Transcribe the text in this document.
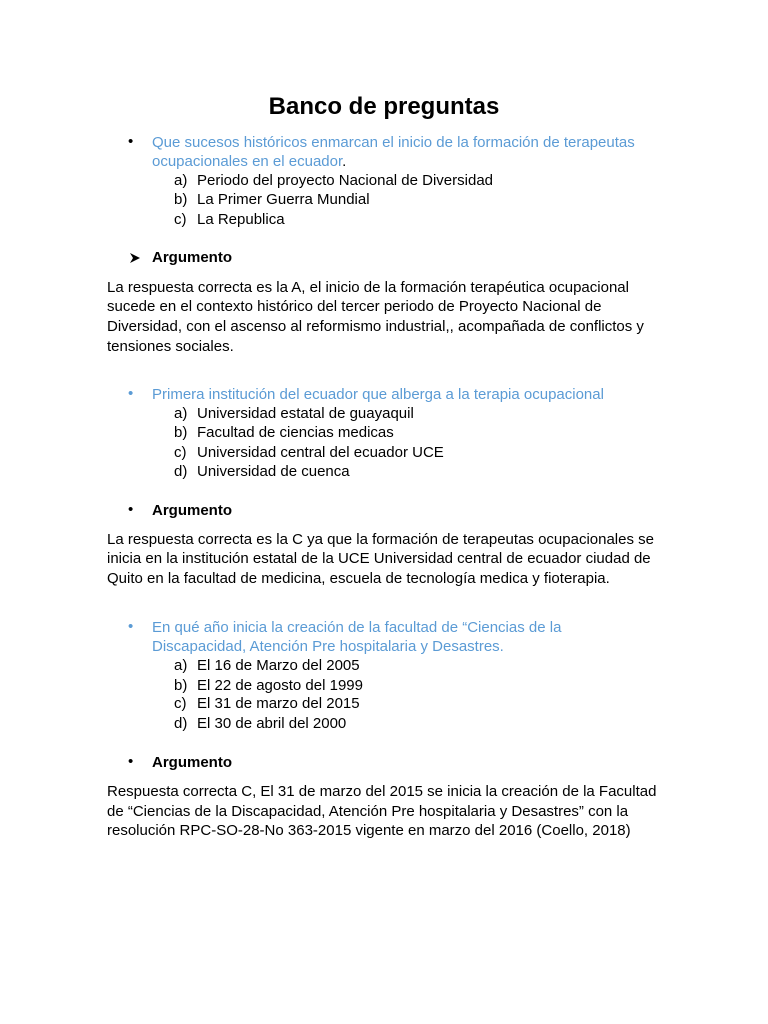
Banco de preguntas
• Que sucesos históricos enmarcan el inicio de la formación de terapeutas
ocupacionales en el ecuador.
a) Periodo del proyecto Nacional de Diversidad
b) La Primer Guerra Mundial
c) La Republica
Argumento
La respuesta correcta es la A, el inicio de la formación terapéutica ocupacional
sucede en el contexto histórico del tercer periodo de Proyecto Nacional de
Diversidad, con el ascenso al reformismo industrial,, acompañada de conflictos y
tensiones sociales.
• Primera institución del ecuador que alberga a la terapia ocupacional
a) Universidad estatal de guayaquil
b) Facultad de ciencias medicas
c) Universidad central del ecuador UCE
d) Universidad de cuenca
• Argumento
La respuesta correcta es la C ya que la formación de terapeutas ocupacionales se
inicia en la institución estatal de la UCE Universidad central de ecuador ciudad de
Quito en la facultad de medicina, escuela de tecnología medica y fioterapia.
• En qué año inicia la creación de la facultad de “Ciencias de la
Discapacidad, Atención Pre hospitalaria y Desastres.
a) El 16 de Marzo del 2005
b) El 22 de agosto del 1999
c) El 31 de marzo del 2015
d) El 30 de abril del 2000
• Argumento
Respuesta correcta C, El 31 de marzo del 2015 se inicia la creación de la Facultad
de “Ciencias de la Discapacidad, Atención Pre hospitalaria y Desastres” con la
resolución RPC-SO-28-No 363-2015 vigente en marzo del 2016 (Coello, 2018)
